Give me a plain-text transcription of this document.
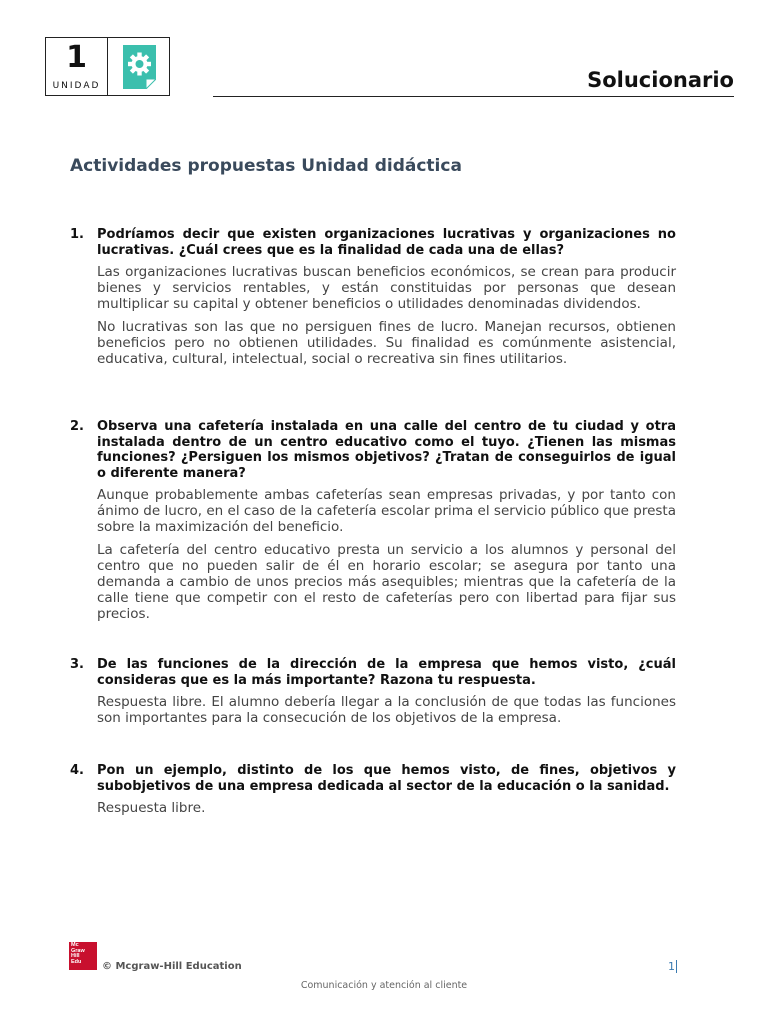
1
UNIDAD	Solucionario
Actividades propuestas Unidad didáctica
1.	Podríamos decir que existen organizaciones lucrativas y organizaciones no lucrativas. ¿Cuál crees que es la finalidad de cada una de ellas?
Las organizaciones lucrativas buscan beneficios económicos, se crean para producir bienes y servicios rentables, y están constituidas por personas que desean multiplicar su capital y obtener beneficios o utilidades denominadas dividendos.
No lucrativas son las que no persiguen fines de lucro. Manejan recursos, obtienen beneficios pero no obtienen utilidades. Su finalidad es comúnmente asistencial, educativa, cultural, intelectual, social o recreativa sin fines utilitarios.
2.	Observa una cafetería instalada en una calle del centro de tu ciudad y otra instalada dentro de un centro educativo como el tuyo. ¿Tienen las mismas funciones? ¿Persiguen los mismos objetivos? ¿Tratan de conseguirlos de igual o diferente manera?
Aunque probablemente ambas cafeterías sean empresas privadas, y por tanto con ánimo de lucro, en el caso de la cafetería escolar prima el servicio público que presta sobre la maximización del beneficio.
La cafetería del centro educativo presta un servicio a los alumnos y personal del centro que no pueden salir de él en horario escolar; se asegura por tanto una demanda a cambio de unos precios más asequibles; mientras que la cafetería de la calle tiene que competir con el resto de cafeterías pero con libertad para fijar sus precios.
3.	De las funciones de la dirección de la empresa que hemos visto, ¿cuál consideras que es la más importante? Razona tu respuesta.
Respuesta libre. El alumno debería llegar a la conclusión de que todas las funciones son importantes para la consecución de los objetivos de la empresa.
4.	Pon un ejemplo, distinto de los que hemos visto, de fines, objetivos y subobjetivos de una empresa dedicada al sector de la educación o la sanidad.
Respuesta libre.
Mc
Graw
Hill
Edu	© Mcgraw-Hill Education	1
Comunicación y atención al cliente
